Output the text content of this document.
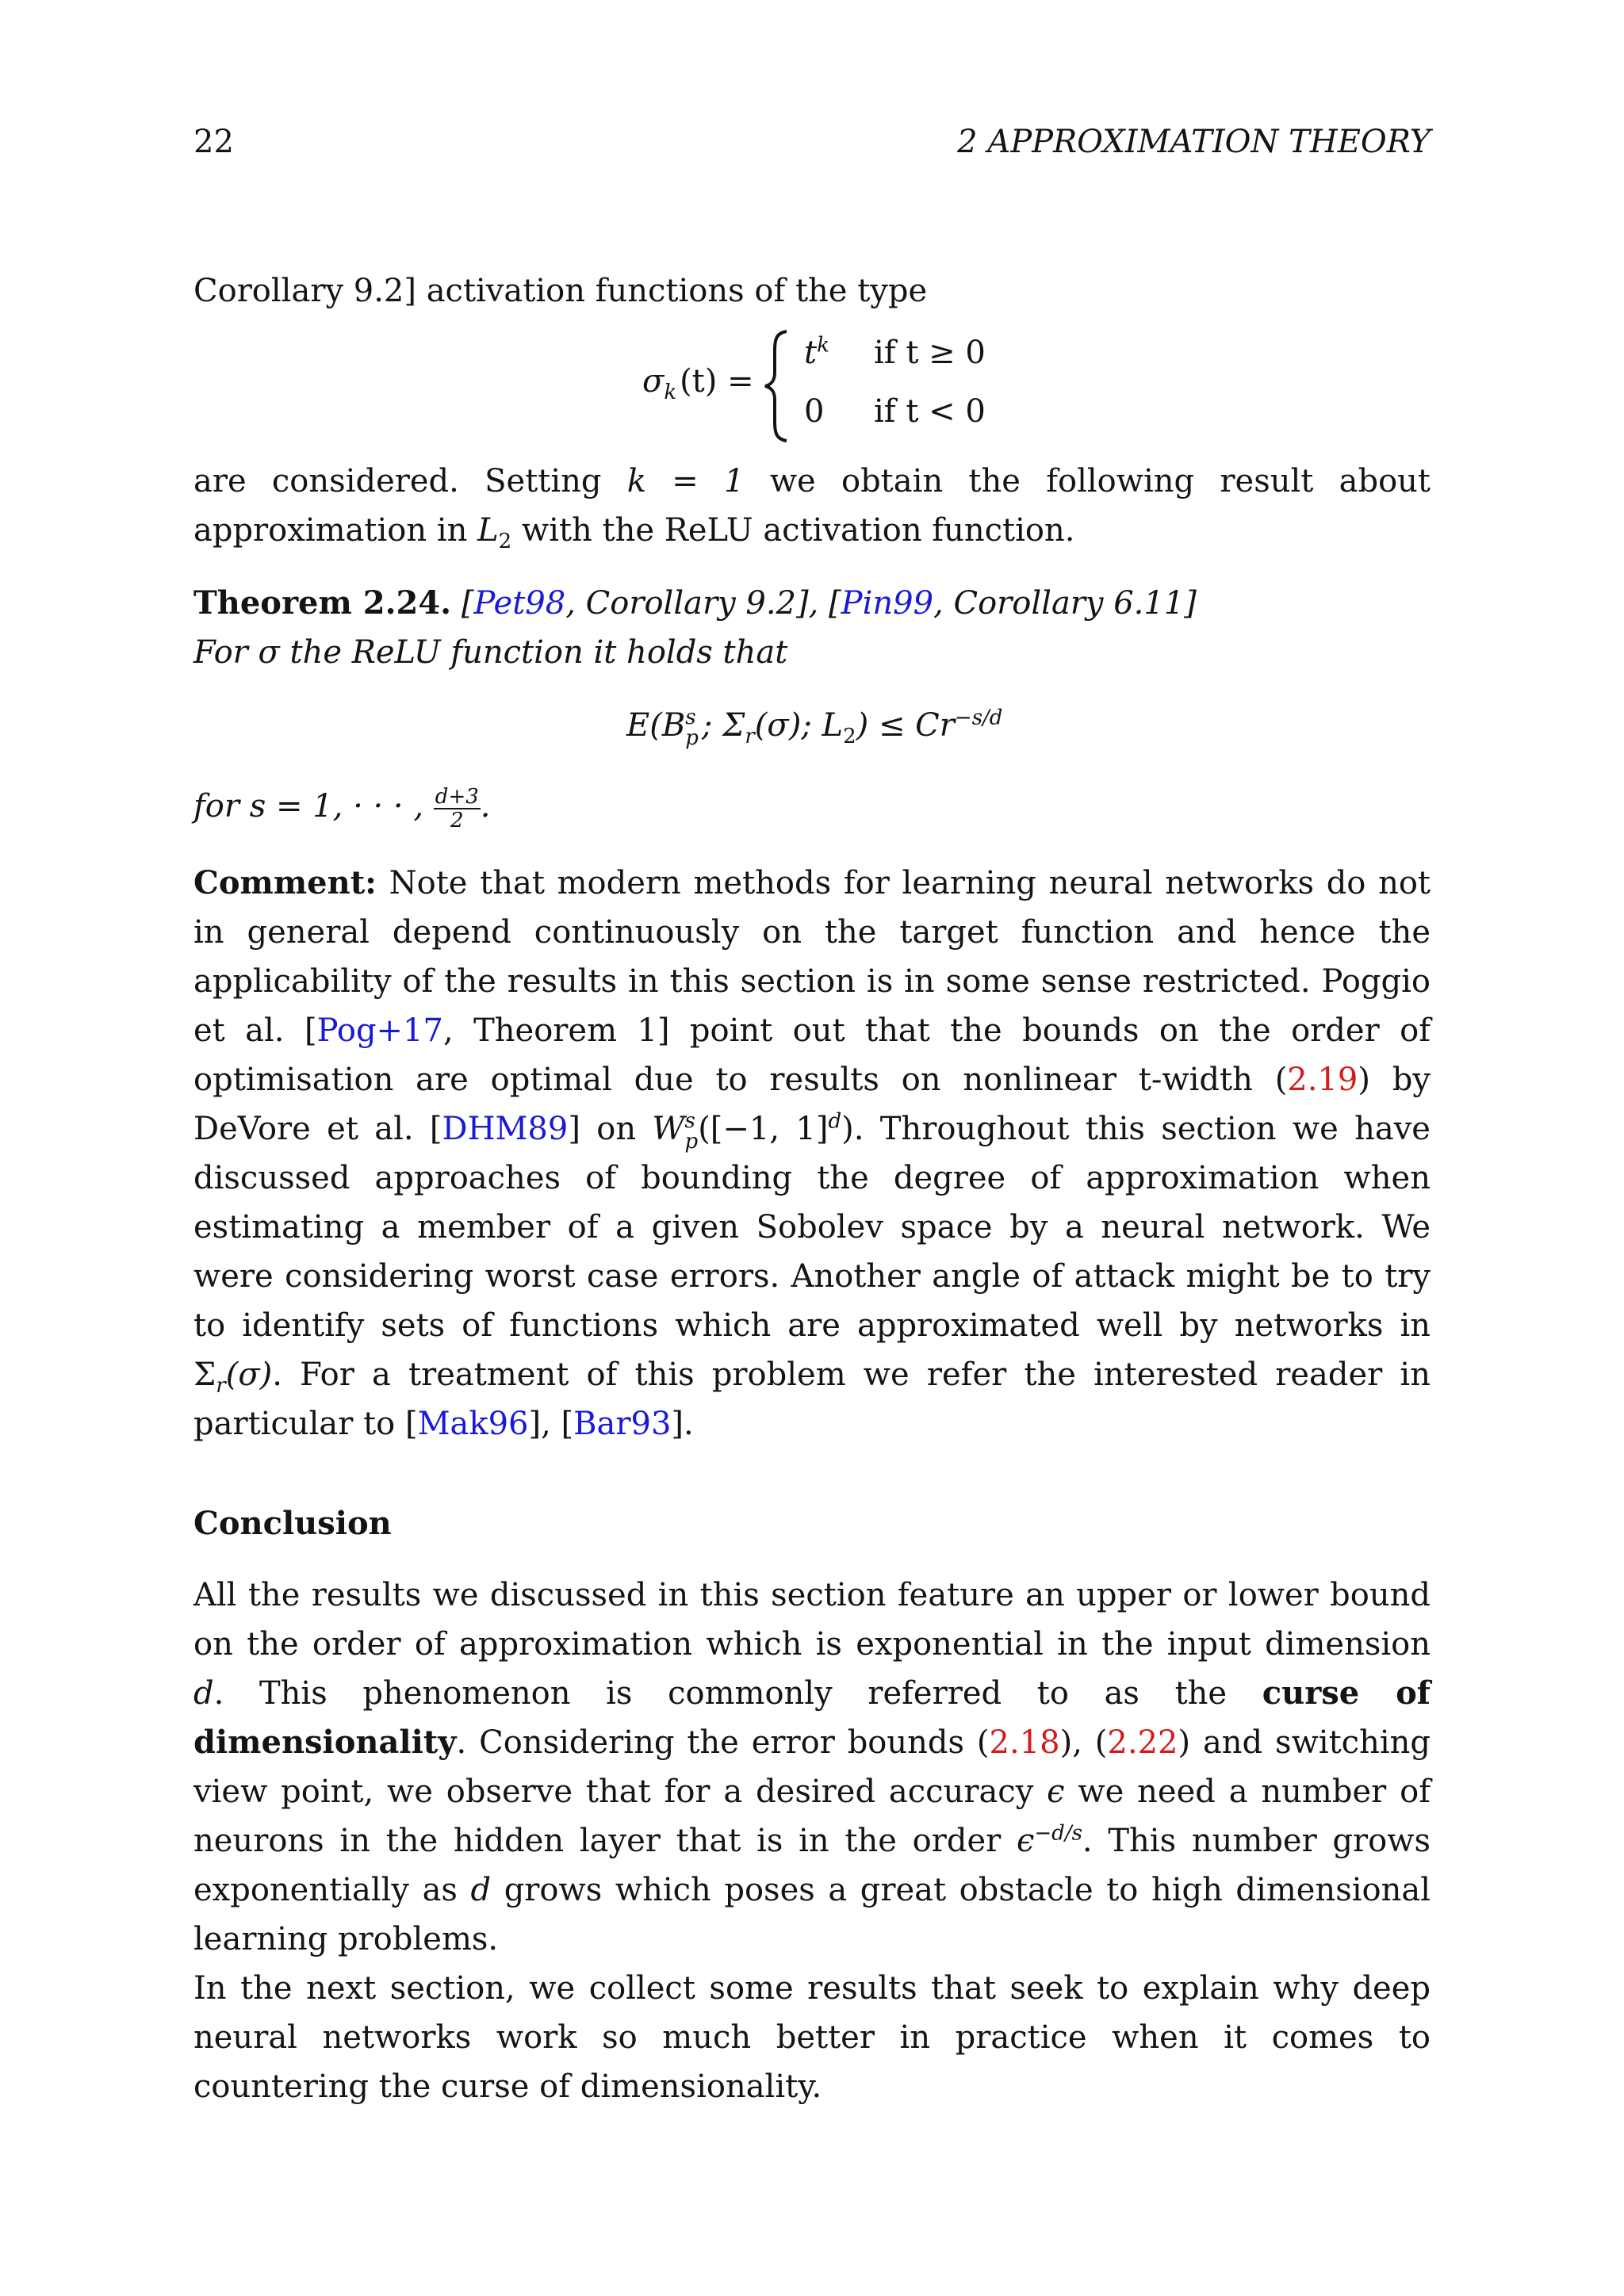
22	2 APPROXIMATION THEORY

Corollary 9.2] activation functions of the type

$\sigma_k$ (t) =
$t^k$ if t ≥ 0
0 if t < 0

are considered. Setting k = 1 we obtain the following result about approximation in $L_2$ with the ReLU activation function.

Theorem 2.24. [Pet98, Corollary 9.2], [Pin99, Corollary 6.11]

For σ the ReLU function it holds that

E(B s
p ; $\Sigma_r(\sigma)$; $L_2) \le Cr^{-s/d}$

for s = 1, · · · , $\frac{d+3}{2}$ .

Comment: Note that modern methods for learning neural networks do not in general depend continuously on the target function and hence the applicability of the results in this section is in some sense restricted. Poggio et al. [Pog+17, Theorem 1] point out that the bounds on the order of optimisation are optimal due to results on nonlinear t-width (2.19) by DeVore et al. [DHM89] on W s
p ([−1, 1]$^d$). Throughout this section we have discussed approaches of bounding the degree of approximation when estimating a member of a given Sobolev space by a neural network. We were considering worst case errors. Another angle of attack might be to try to identify sets of functions which are approximated well by networks in $\Sigma_r(\sigma)$. For a treatment of this problem we refer the interested reader in particular to [Mak96], [Bar93].

Conclusion

All the results we discussed in this section feature an upper or lower bound on the order of approximation which is exponential in the input dimension d. This phenomenon is commonly referred to as the curse of dimensionality. Considering the error bounds (2.18), (2.22) and switching view point, we observe that for a desired accuracy ϵ we need a number of neurons in the hidden layer that is in the order $\epsilon^{-d/s}$. This number grows exponentially as d grows which poses a great obstacle to high dimensional learning problems.

In the next section, we collect some results that seek to explain why deep neural networks work so much better in practice when it comes to countering the curse of dimensionality.
